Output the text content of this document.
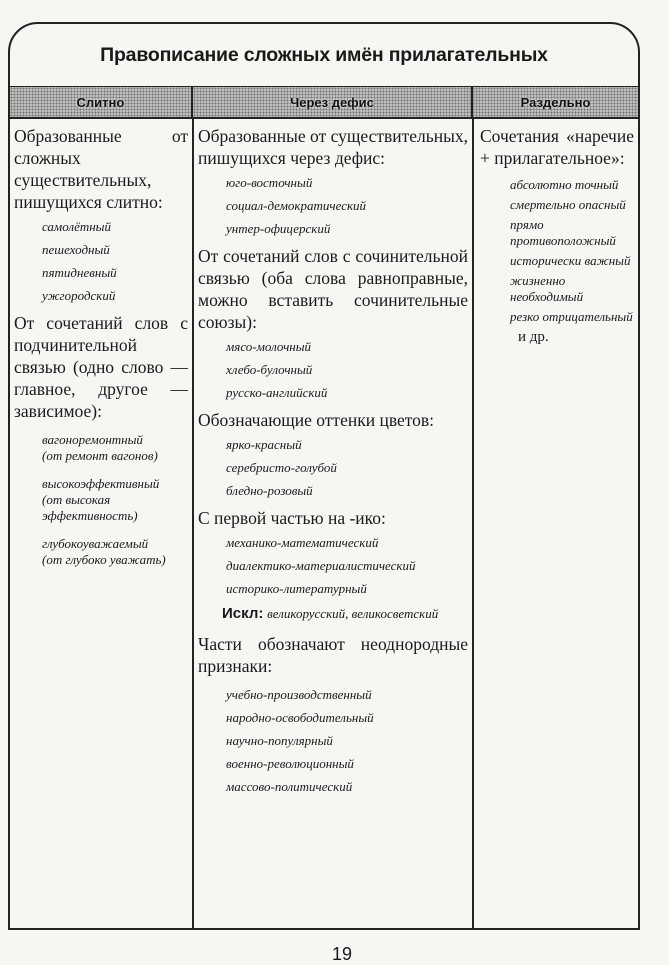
Правописание сложных имён прилагательных
Слитно	Через дефис	Раздельно

Образованные от сложных существительных, пишущихся слитно:

самолётный
пешеходный
пятидневный
ужгородский

От сочетаний слов с подчинительной связью (одно слово — главное, другое — зависимое):

вагоноремонтный
(от ремонт вагонов)
высокоэффективный
(от высокая эффективность)
глубокоуважаемый
(от глубоко уважать)

Образованные от существительных, пишущихся через дефис:

юго-восточный
социал-демократический
унтер-офицерский

От сочетаний слов с сочинительной связью (оба слова равноправные, можно вставить сочинительные союзы):

мясо-молочный
хлебо-булочный
русско-английский

Обозначающие оттенки цветов:

ярко-красный
серебристо-голубой
бледно-розовый

С первой частью на -ико:

механико-математический
диалектико-материалистический
историко-литературный
Искл: великорусский, великосветский

Части обозначают неоднородные признаки:

учебно-производственный
народно-освободительный
научно-популярный
военно-революционный
массово-политический

Сочетания «наречие + прилагательное»:

абсолютно точный
смертельно опасный
прямо противоположный
исторически важный
жизненно необходимый
резко отрицательный
и др.
19
